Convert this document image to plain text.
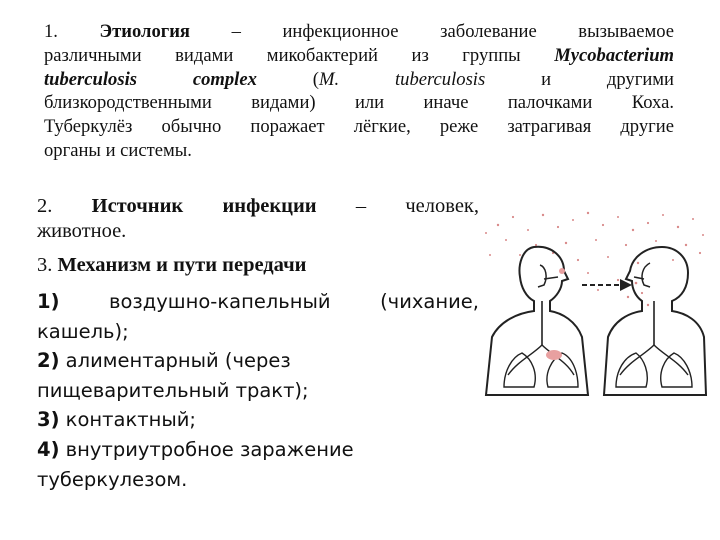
1. Этиология – инфекционное заболевание вызываемое
различными видами микобактерий из группы Mycobacterium
tuberculosis	complex	(M.	tuberculosis	и другими
близкородственными видами) или иначе палочками Коха.
Туберкулёз обычно поражает лёгкие, реже затрагивая другие
органы и системы.
2. Источник инфекции – человек,
животное.
3. Механизм и пути передачи
1) воздушно-капельный	(чихание,
кашель);
2) алиментарный (через
пищеварительный тракт);
3) контактный;
4) внутриутробное заражение
туберкулезом.
